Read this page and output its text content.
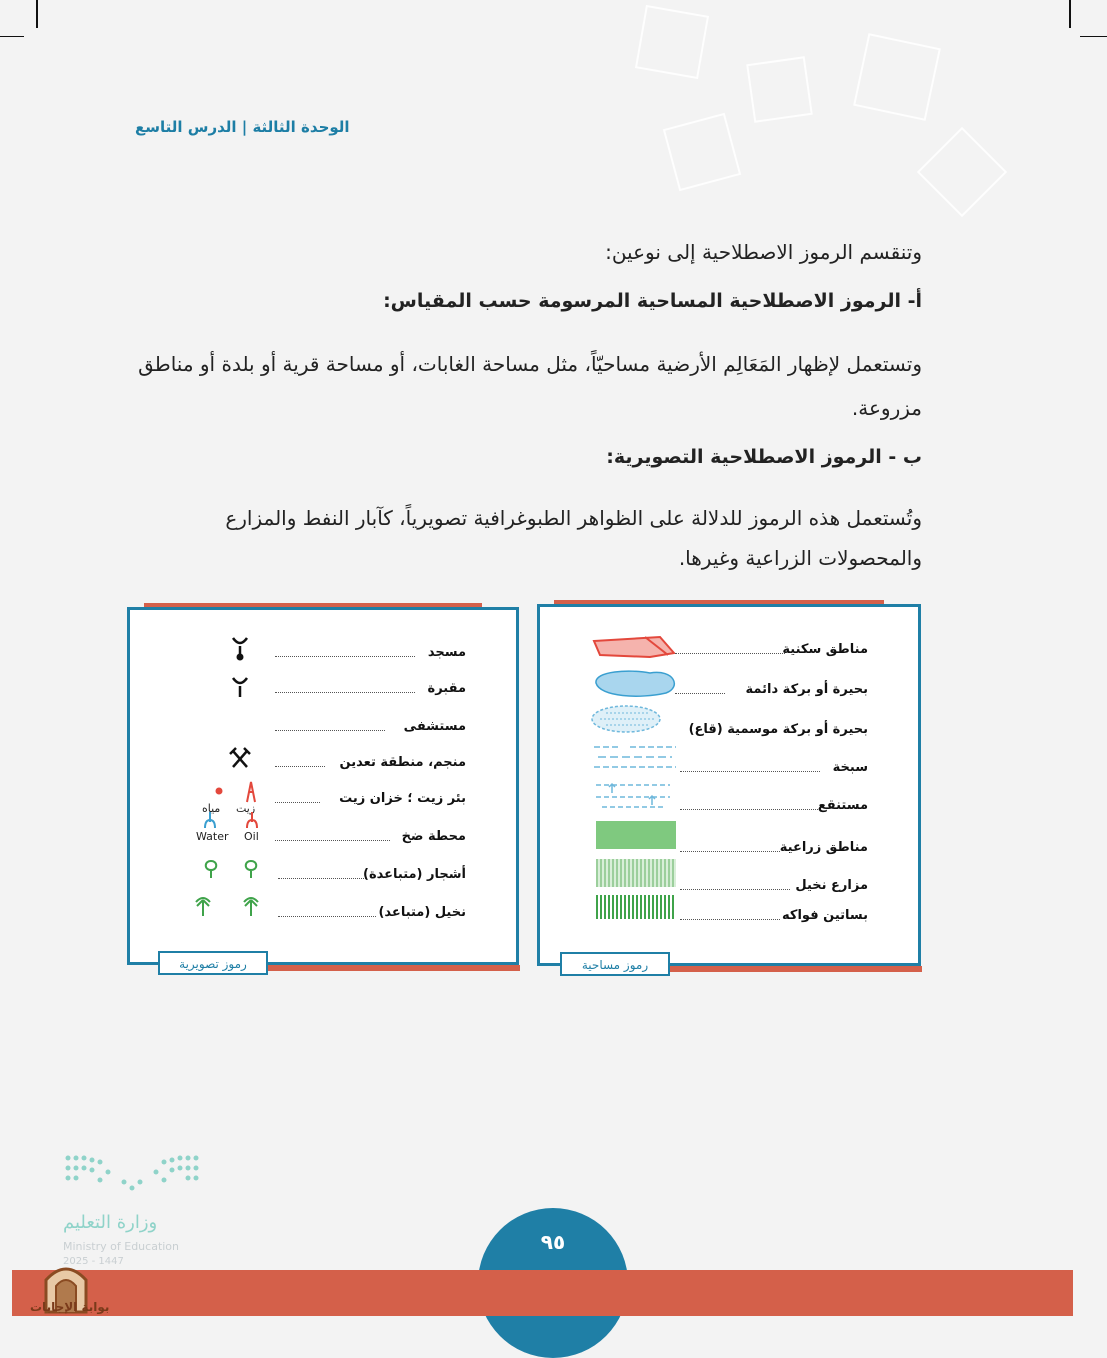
الوحدة الثالثة | الدرس التاسع
وتنقسم الرموز الاصطلاحية إلى نوعين:
أ- الرموز الاصطلاحية المساحية المرسومة حسب المقياس:
وتستعمل لإظهار المَعَالِم الأرضية مساحيّاً، مثل مساحة الغابات، أو مساحة قرية أو بلدة أو مناطق مزروعة.
ب - الرموز الاصطلاحية التصويرية:
وتُستعمل هذه الرموز للدلالة على الظواهر الطبوغرافية تصويرياً، كآبار النفط والمزارع والمحصولات الزراعية وغيرها.
مناطق سكنية
بحيرة أو بركة دائمة
بحيرة أو بركة موسمية (قاع)
سبخة
مستنقع
مناطق زراعية
مزارع نخيل
بساتين فواكه
رموز مساحية
مسجد
مقبرة
مستشفى
منجم، منطقة تعدين
زيت
مياه
بئر زيت ؛ خزان زيت
Oil
Water	محطة ضخ
أشجار (متباعدة)
نخيل (متباعد)
رموز تصويرية
وزارة التعليم
Ministry of Education
2025 - 1447
٩٥
بوابة الإجابات
